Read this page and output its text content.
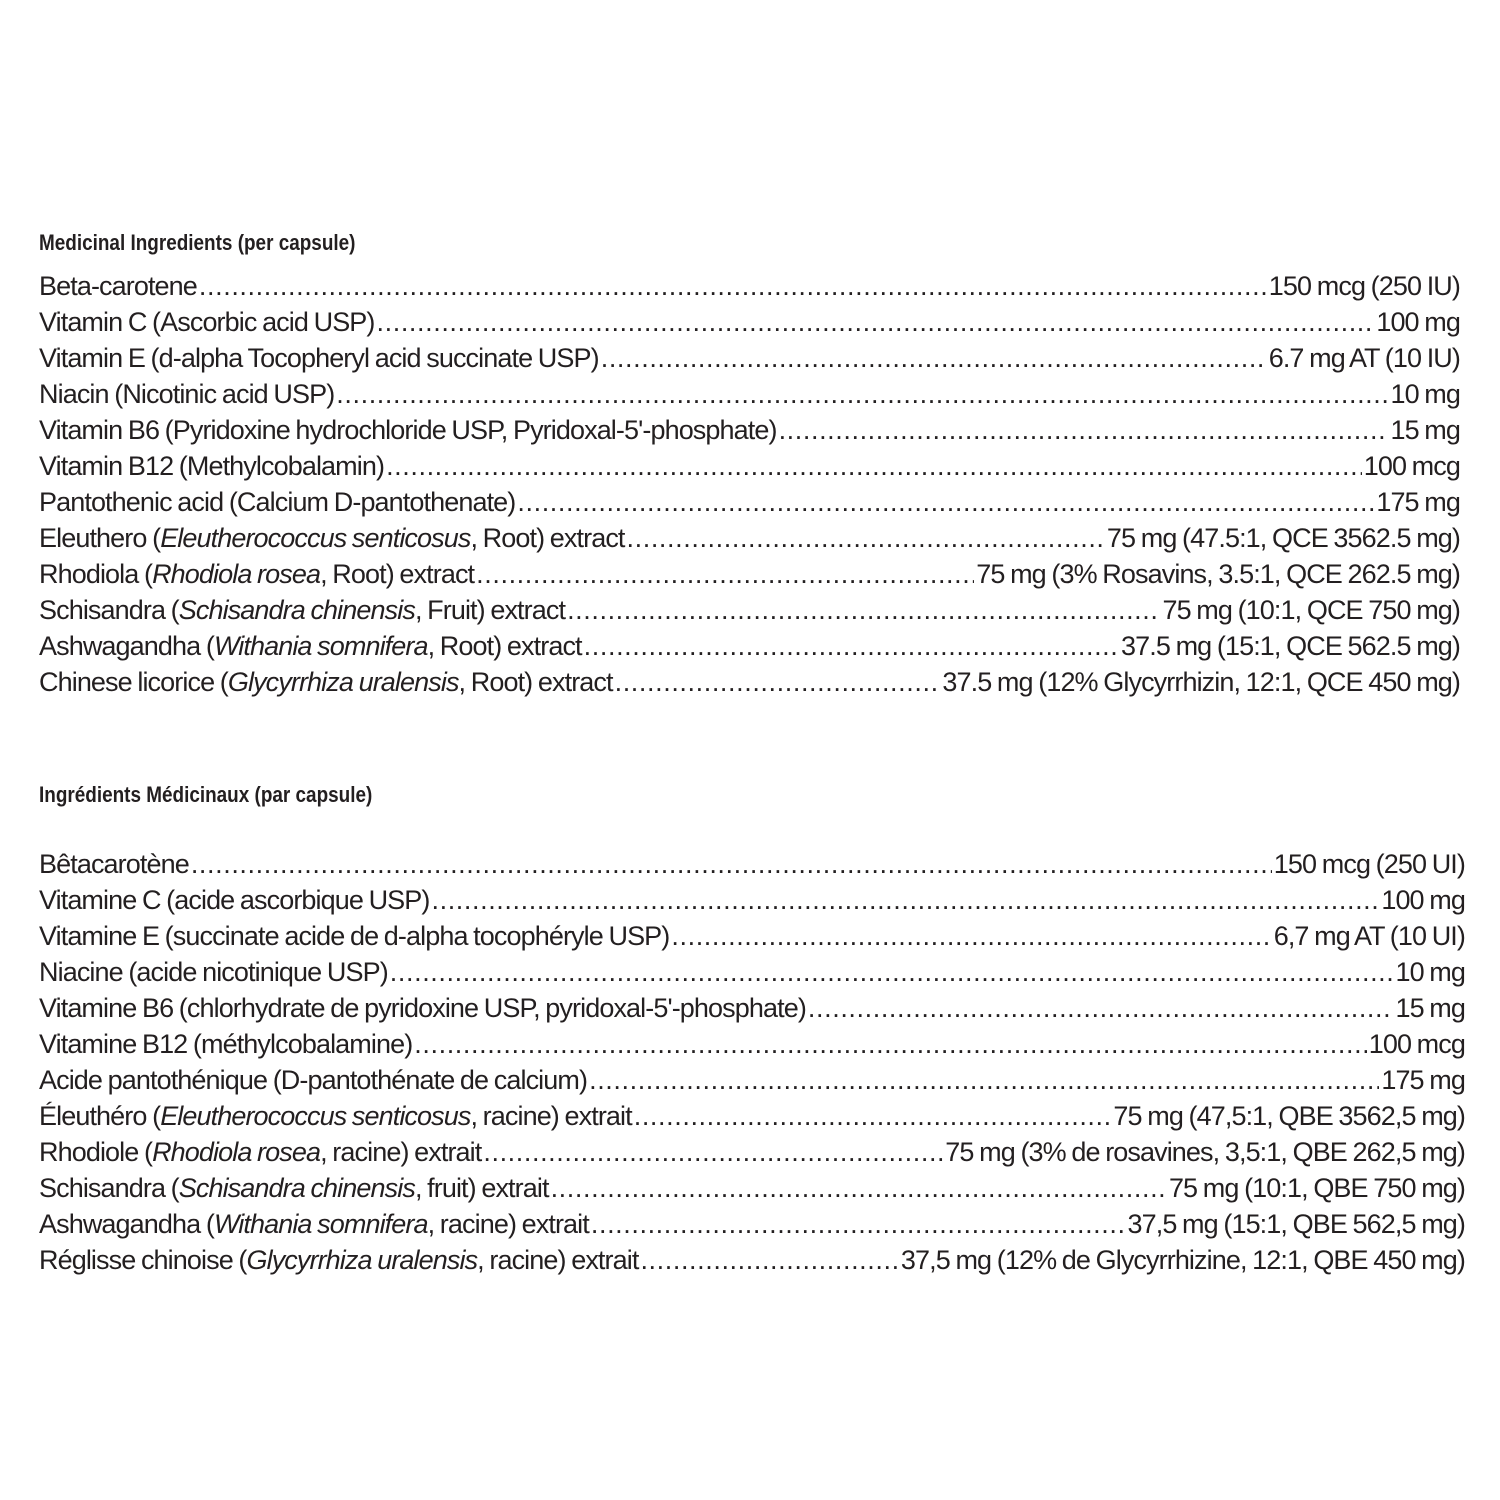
Medicinal Ingredients (per capsule)
Beta-carotene .....	150 mcg (250 IU)
Vitamin C (Ascorbic acid USP) .....	100 mg
Vitamin E (d-alpha Tocopheryl acid succinate USP) .....	6.7 mg AT (10 IU)
Niacin (Nicotinic acid USP) .....	10 mg
Vitamin B6 (Pyridoxine hydrochloride USP, Pyridoxal-5'-phosphate) .....	15 mg
Vitamin B12 (Methylcobalamin) .....	100 mcg
Pantothenic acid (Calcium D-pantothenate) .....	175 mg
Eleuthero (Eleutherococcus senticosus, Root) extract .....	75 mg (47.5:1, QCE 3562.5 mg)
Rhodiola (Rhodiola rosea, Root) extract .....	75 mg (3% Rosavins, 3.5:1, QCE 262.5 mg)
Schisandra (Schisandra chinensis, Fruit) extract .....	75 mg (10:1, QCE 750 mg)
Ashwagandha (Withania somnifera, Root) extract .....	37.5 mg (15:1, QCE 562.5 mg)
Chinese licorice (Glycyrrhiza uralensis, Root) extract .....	37.5 mg (12% Glycyrrhizin, 12:1, QCE 450 mg)
Ingrédients Médicinaux (par capsule)
Bêtacarotène .....	150 mcg (250 UI)
Vitamine C (acide ascorbique USP) .....	100 mg
Vitamine E (succinate acide de d-alpha tocophéryle USP) .....	6,7 mg AT (10 UI)
Niacine (acide nicotinique USP) .....	10 mg
Vitamine B6 (chlorhydrate de pyridoxine USP, pyridoxal-5'-phosphate) .....	15 mg
Vitamine B12 (méthylcobalamine) .....	100 mcg
Acide pantothénique (D-pantothénate de calcium) .....	175 mg
Éleuthéro (Eleutherococcus senticosus, racine) extrait .....	75 mg (47,5:1, QBE 3562,5 mg)
Rhodiole (Rhodiola rosea, racine) extrait .....	75 mg (3% de rosavines, 3,5:1, QBE 262,5 mg)
Schisandra (Schisandra chinensis, fruit) extrait .....	75 mg (10:1, QBE 750 mg)
Ashwagandha (Withania somnifera, racine) extrait .....	37,5 mg (15:1, QBE 562,5 mg)
Réglisse chinoise (Glycyrrhiza uralensis, racine) extrait .....	37,5 mg (12% de Glycyrrhizine, 12:1, QBE 450 mg)
